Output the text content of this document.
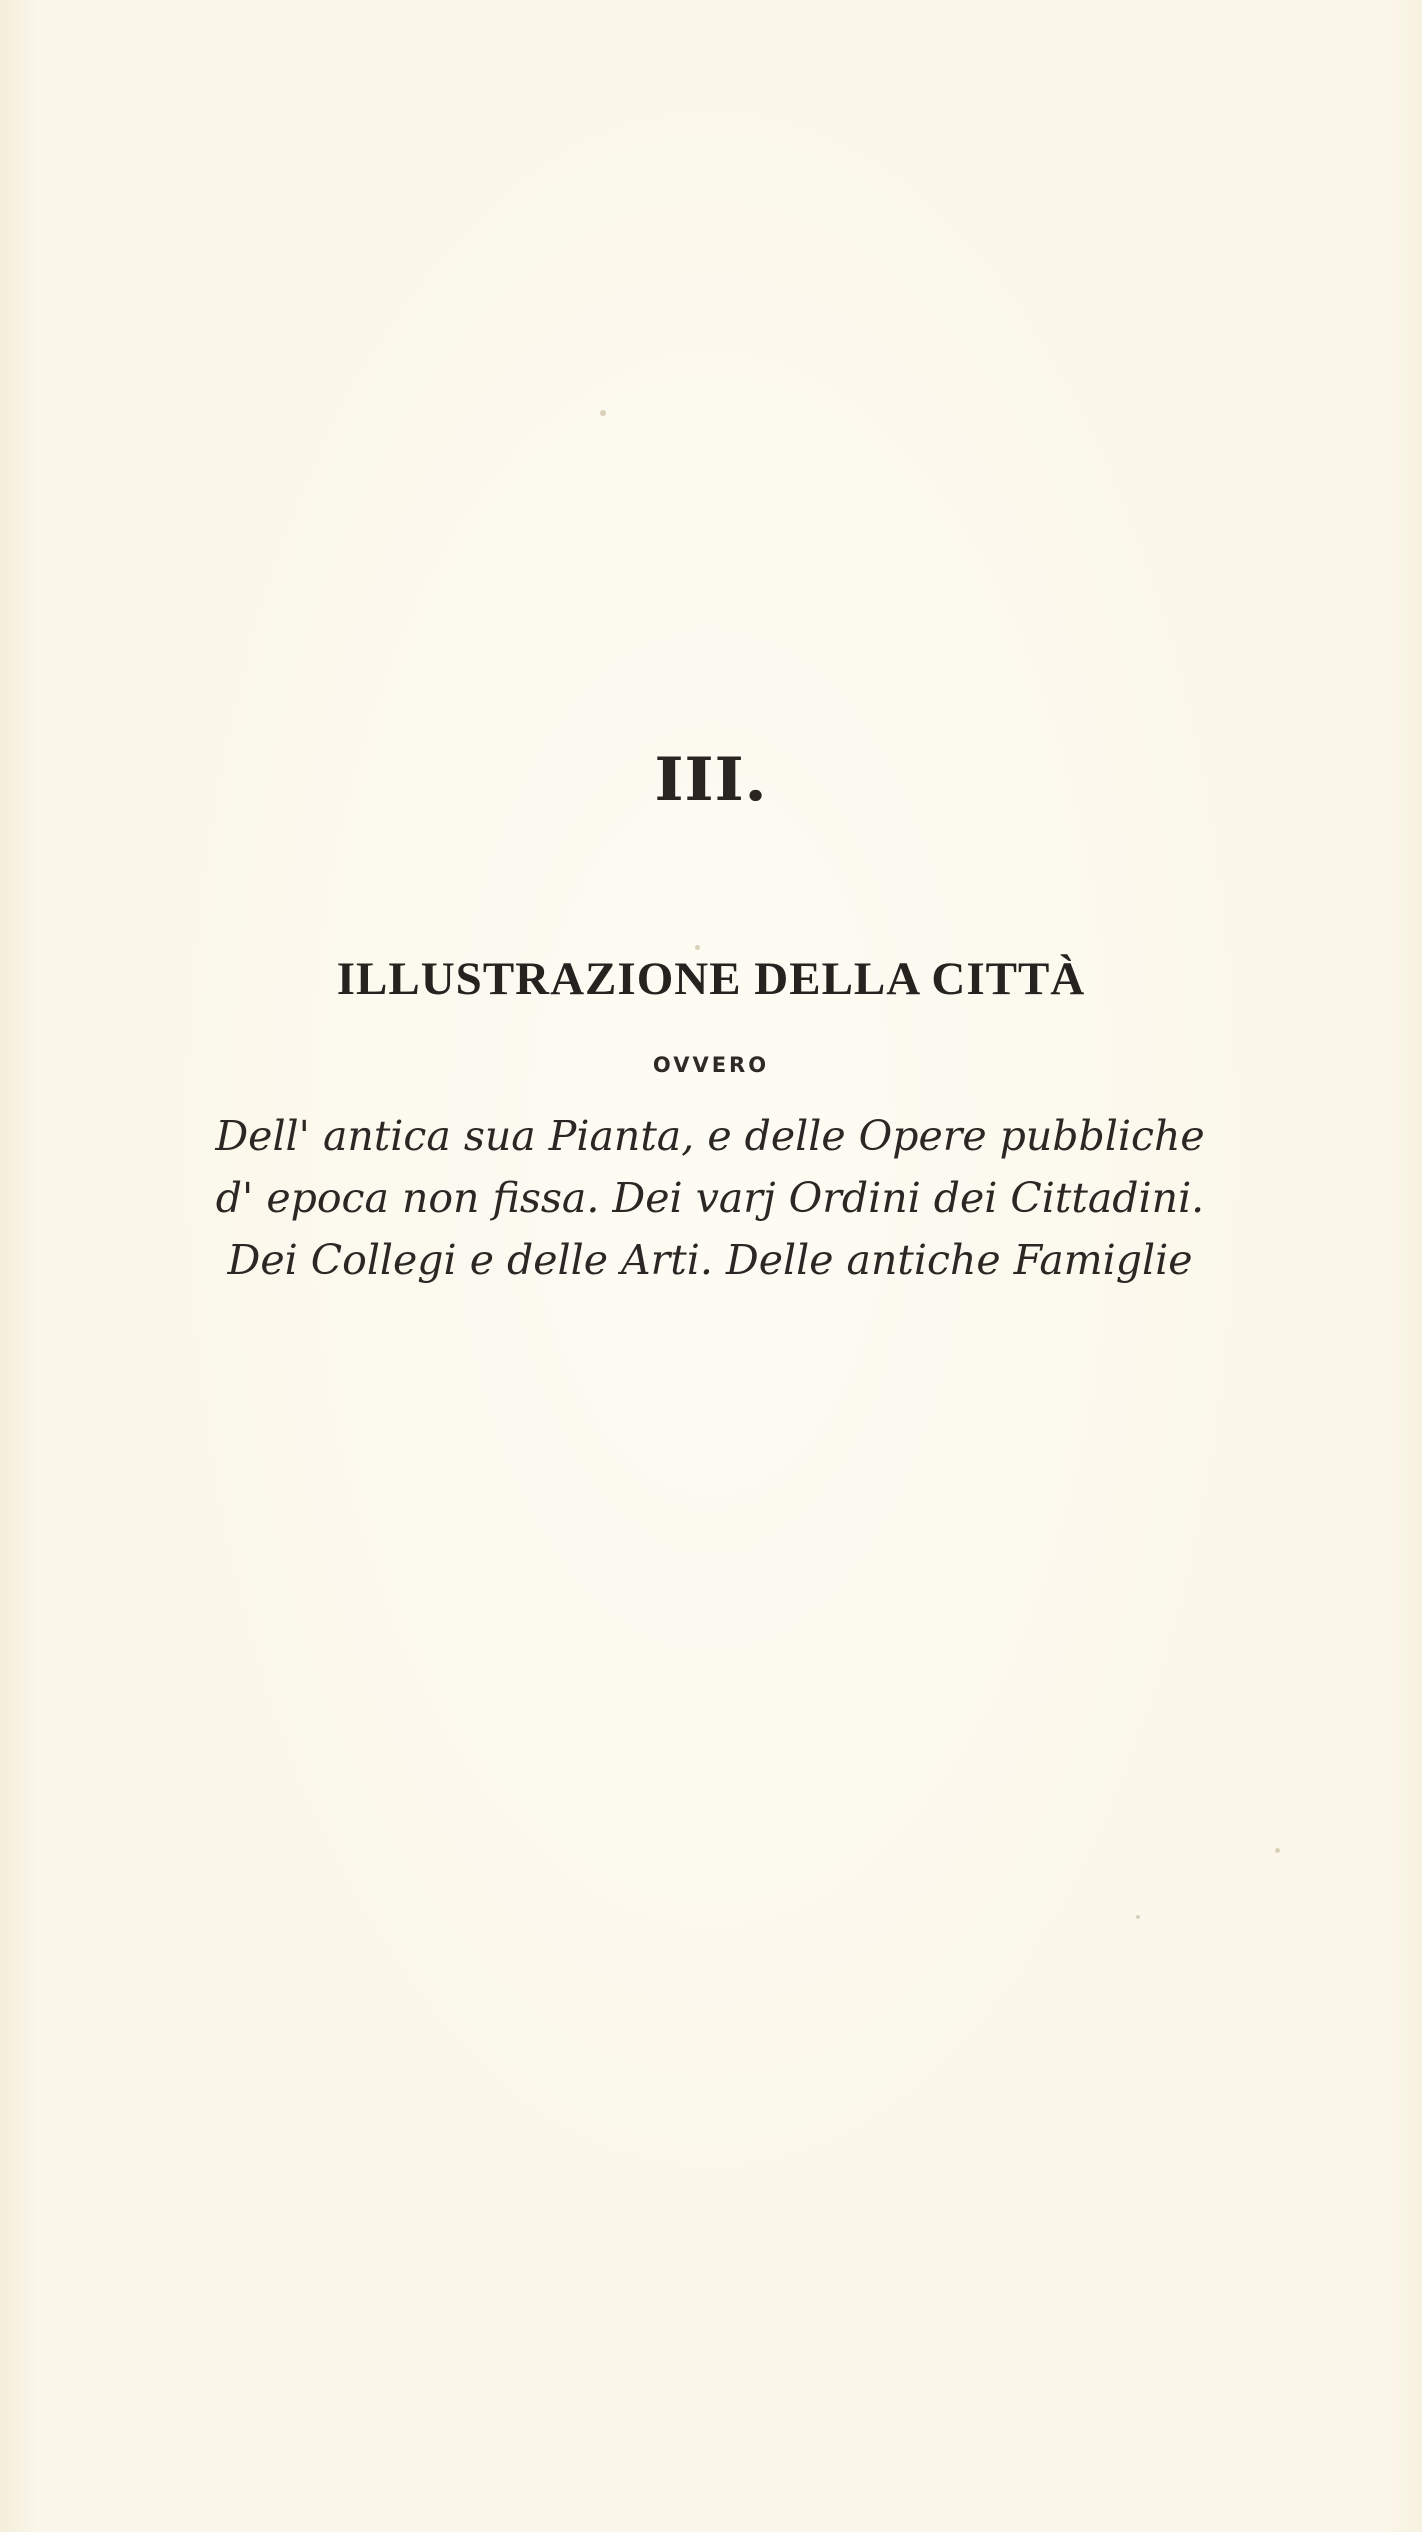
III.
ILLUSTRAZIONE DELLA CITTÀ
OVVERO

Dell' antica sua Pianta, e delle Opere pubbliche
d' epoca non fissa. Dei varj Ordini dei Cittadini.
Dei Collegi e delle Arti. Delle antiche Famiglie
